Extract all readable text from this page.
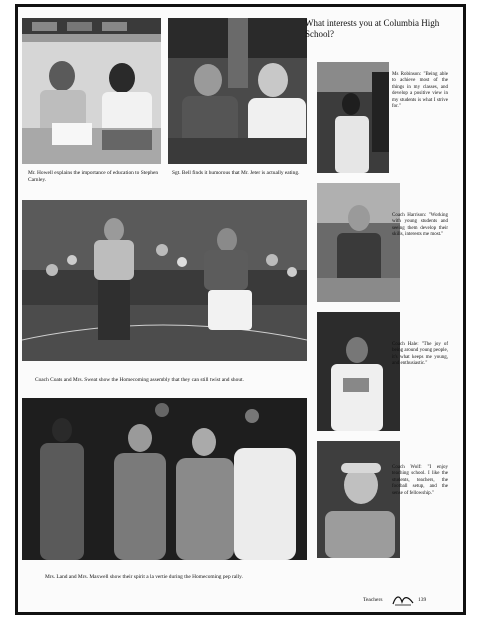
Mr. Howell explains the importance of education to Stephen Carnley.

Sgt. Bell finds it humorous that Mr. Jeter is actually eating.

What interests you at Columbia High School?

Ms Robinson: "Being able to achieve most of the things in my classes, and develop a positive view in my students is what I strive for."

Coach Harrison: "Working with young students and seeing them develop their skills, interests me most."

Coach Hale: "The joy of being around young people, it's what keeps me young, and enthusiastic."

Coach Wolf: "I enjoy teaching school. I like the students, teachers, the football setup, and the sense of fellowship."

Coach Coats and Mrs. Sweat show the Homecoming assembly that they can still twist and shout.

Mrs. Land and Mrs. Maxwell show their spirit a la vertie during the Homecoming pep rally.

Teachers	139
